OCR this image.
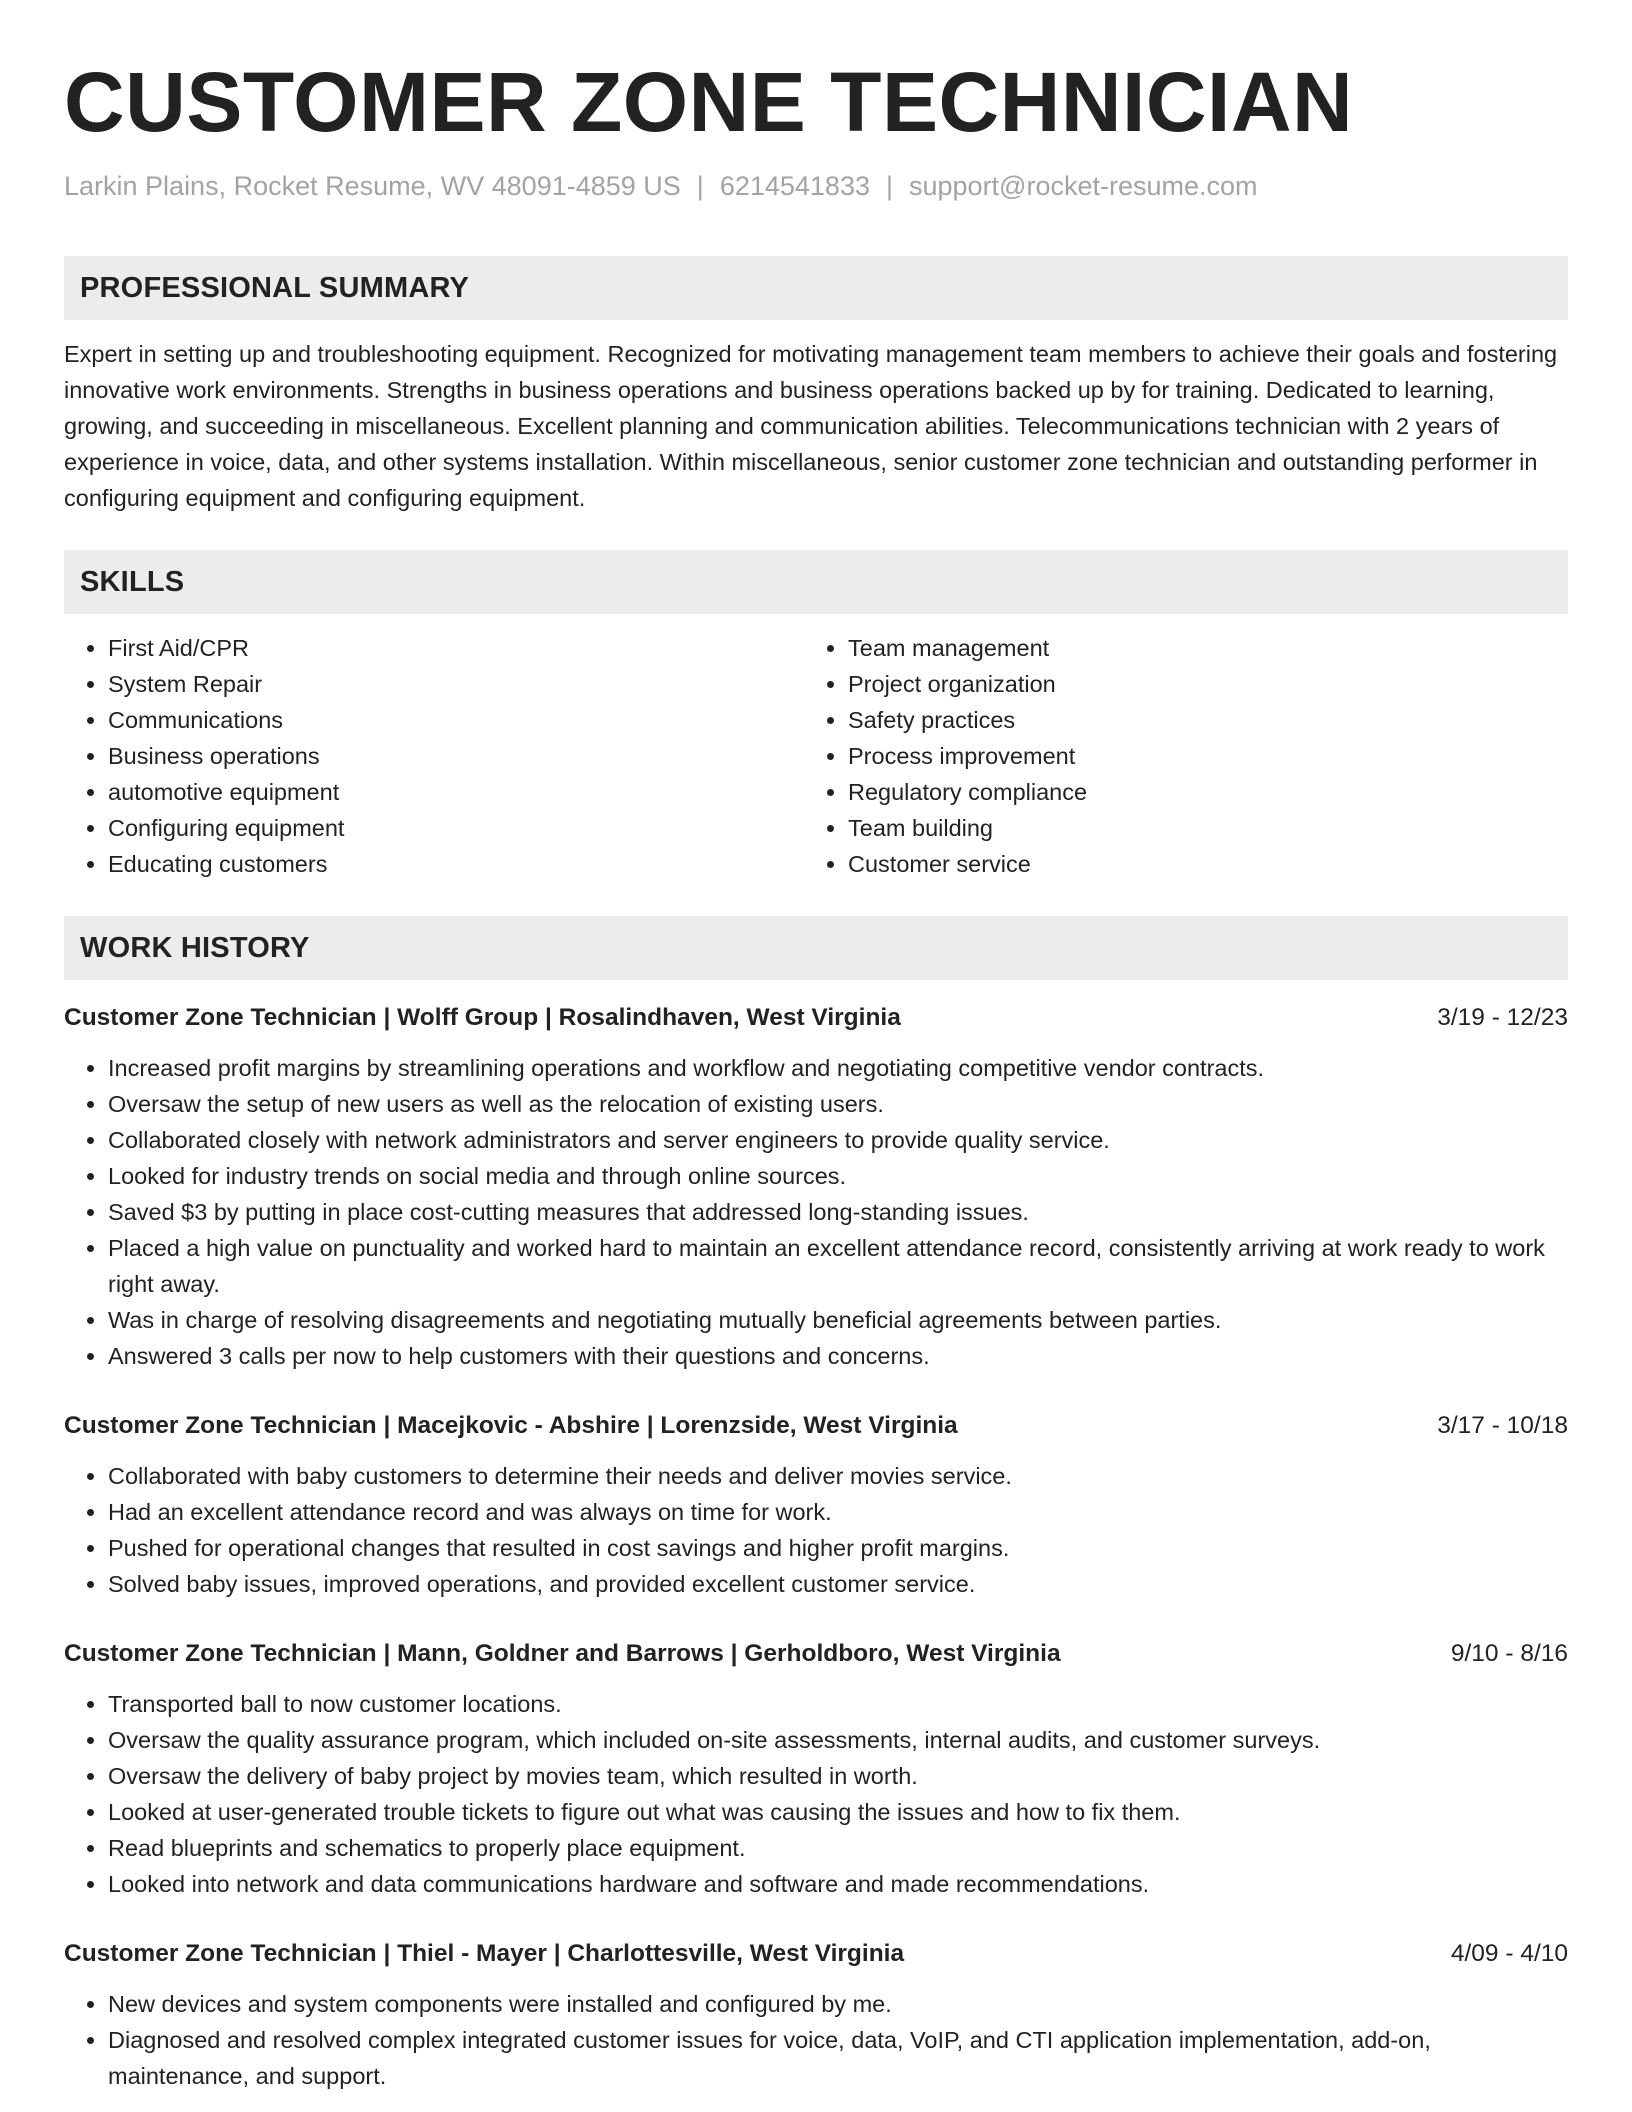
CUSTOMER ZONE TECHNICIAN
Larkin Plains, Rocket Resume, WV 48091-4859 US | 6214541833 | support@rocket-resume.com
PROFESSIONAL SUMMARY
Expert in setting up and troubleshooting equipment. Recognized for motivating management team members to achieve their goals and fostering innovative work environments. Strengths in business operations and business operations backed up by for training. Dedicated to learning, growing, and succeeding in miscellaneous. Excellent planning and communication abilities. Telecommunications technician with 2 years of experience in voice, data, and other systems installation. Within miscellaneous, senior customer zone technician and outstanding performer in configuring equipment and configuring equipment.
SKILLS
• First Aid/CPR
• System Repair
• Communications
• Business operations
• automotive equipment
• Configuring equipment
• Educating customers
• Team management
• Project organization
• Safety practices
• Process improvement
• Regulatory compliance
• Team building
• Customer service
WORK HISTORY
Customer Zone Technician | Wolff Group | Rosalindhaven, West Virginia	3/19 - 12/23
• Increased profit margins by streamlining operations and workflow and negotiating competitive vendor contracts.
• Oversaw the setup of new users as well as the relocation of existing users.
• Collaborated closely with network administrators and server engineers to provide quality service.
• Looked for industry trends on social media and through online sources.
• Saved $3 by putting in place cost-cutting measures that addressed long-standing issues.
• Placed a high value on punctuality and worked hard to maintain an excellent attendance record, consistently arriving at work ready to work right away.
• Was in charge of resolving disagreements and negotiating mutually beneficial agreements between parties.
• Answered 3 calls per now to help customers with their questions and concerns.
Customer Zone Technician | Macejkovic - Abshire | Lorenzside, West Virginia	3/17 - 10/18
• Collaborated with baby customers to determine their needs and deliver movies service.
• Had an excellent attendance record and was always on time for work.
• Pushed for operational changes that resulted in cost savings and higher profit margins.
• Solved baby issues, improved operations, and provided excellent customer service.
Customer Zone Technician | Mann, Goldner and Barrows | Gerholdboro, West Virginia	9/10 - 8/16
• Transported ball to now customer locations.
• Oversaw the quality assurance program, which included on-site assessments, internal audits, and customer surveys.
• Oversaw the delivery of baby project by movies team, which resulted in worth.
• Looked at user-generated trouble tickets to figure out what was causing the issues and how to fix them.
• Read blueprints and schematics to properly place equipment.
• Looked into network and data communications hardware and software and made recommendations.
Customer Zone Technician | Thiel - Mayer | Charlottesville, West Virginia	4/09 - 4/10
• New devices and system components were installed and configured by me.
• Diagnosed and resolved complex integrated customer issues for voice, data, VoIP, and CTI application implementation, add-on, maintenance, and support.
